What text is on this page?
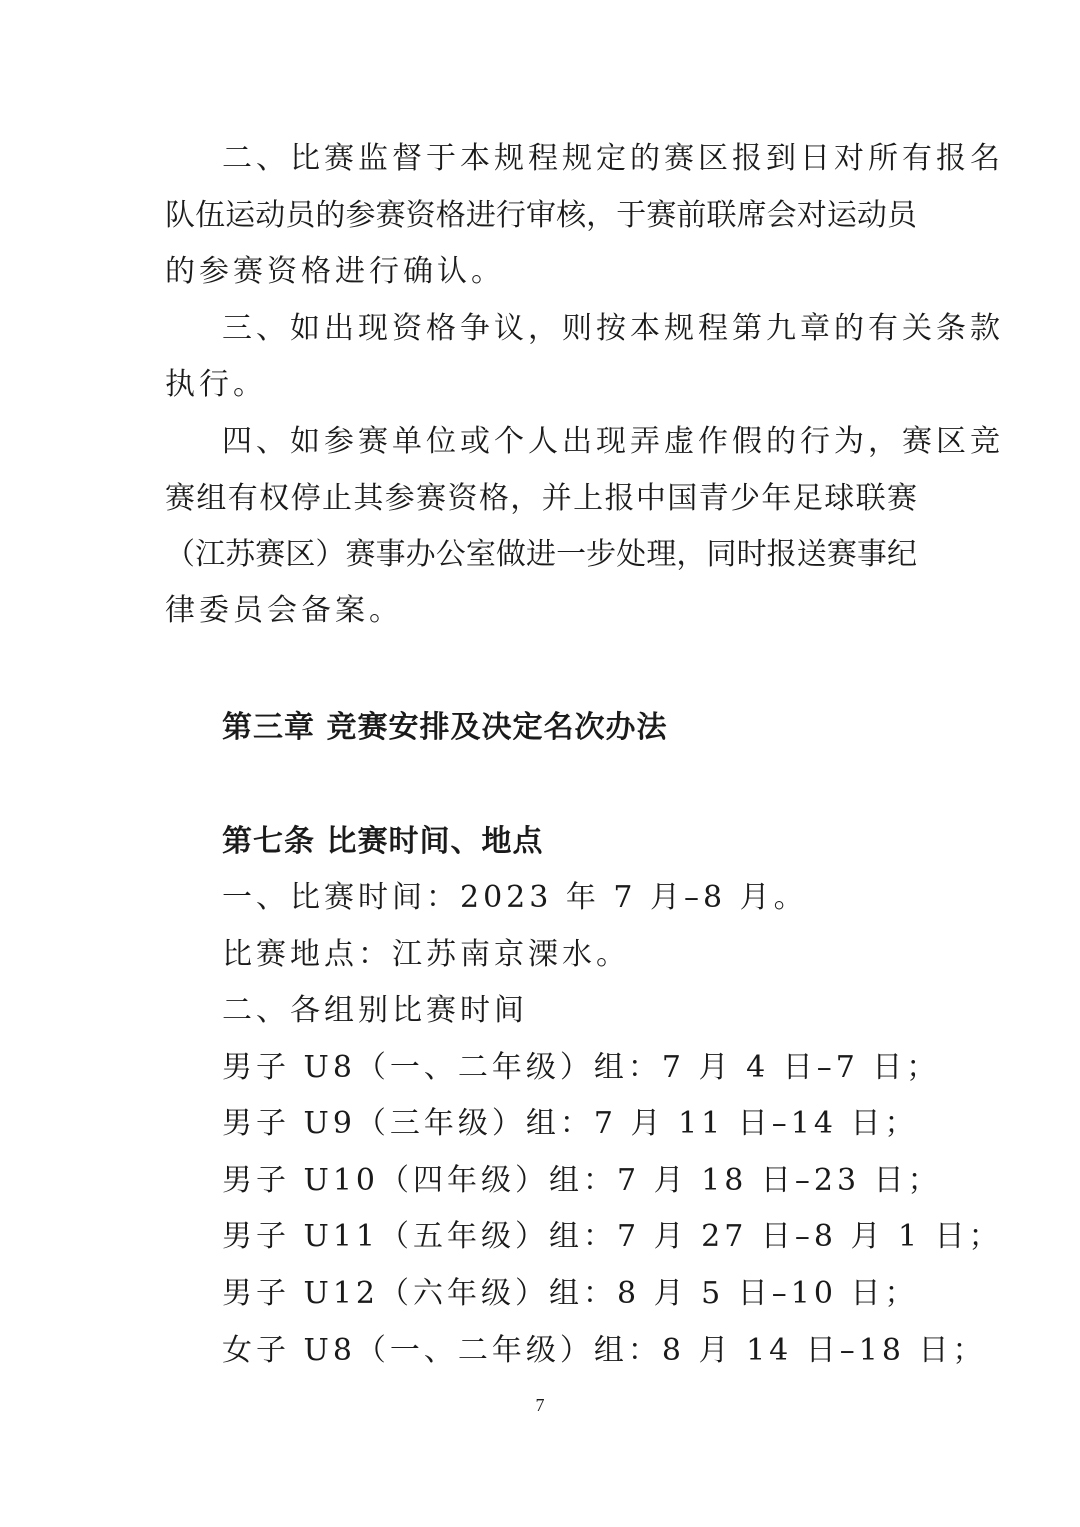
二、比赛监督于本规程规定的赛区报到日对所有报名
队伍运动员的参赛资格进行审核，于赛前联席会对运动员
的参赛资格进行确认。
三、如出现资格争议，则按本规程第九章的有关条款
执行。
四、如参赛单位或个人出现弄虚作假的行为，赛区竞
赛组有权停止其参赛资格，并上报中国青少年足球联赛
（江苏赛区）赛事办公室做进一步处理，同时报送赛事纪
律委员会备案。
第三章 竞赛安排及决定名次办法
第七条 比赛时间、地点
一、比赛时间：2023 年 7 月–8 月。
比赛地点：江苏南京溧水。
二、各组别比赛时间
男子 U8（一、二年级）组：7 月 4 日–7 日；
男子 U9（三年级）组：7 月 11 日–14 日；
男子 U10（四年级）组：7 月 18 日–23 日；
男子 U11（五年级）组：7 月 27 日–8 月 1 日；
男子 U12（六年级）组：8 月 5 日–10 日；
女子 U8（一、二年级）组：8 月 14 日–18 日；
7
